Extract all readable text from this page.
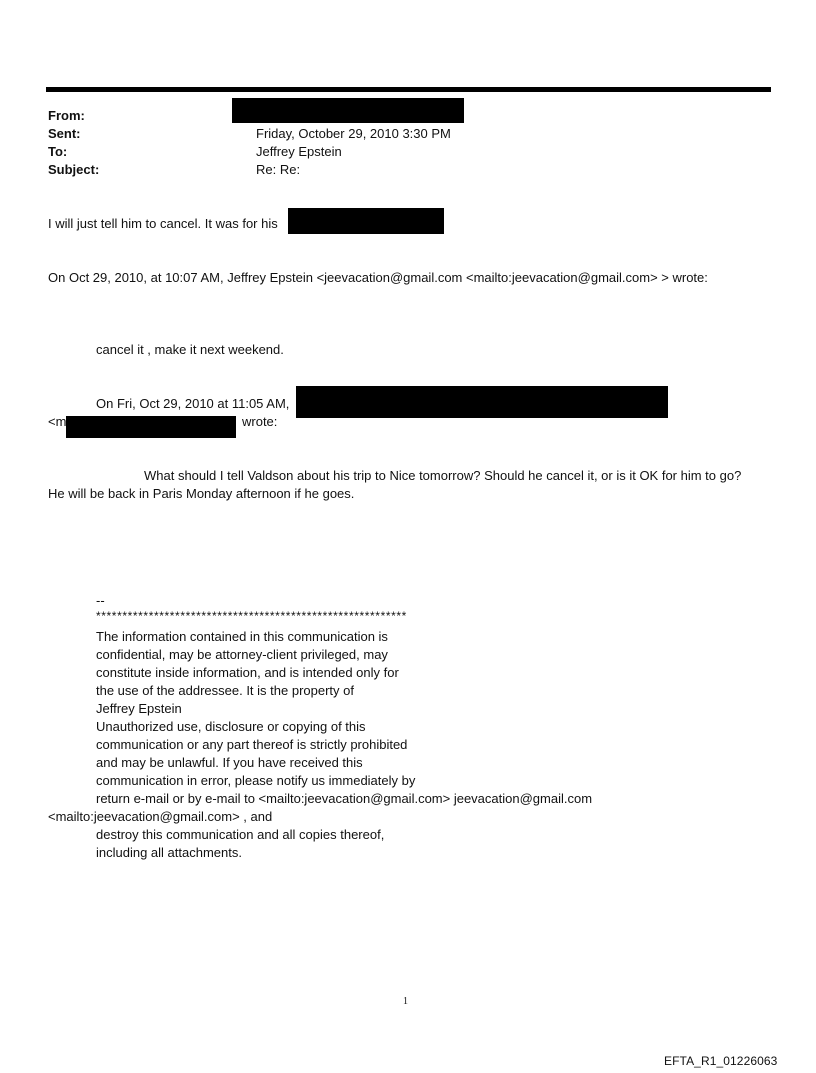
From:
Sent:	Friday, October 29, 2010 3:30 PM
To:	Jeffrey Epstein
Subject:	Re: Re:
I will just tell him to cancel. It was for his
On Oct 29, 2010, at 10:07 AM, Jeffrey Epstein <jeevacation@gmail.com <mailto:jeevacation@gmail.com> > wrote:
cancel it , make it next weekend.
On Fri, Oct 29, 2010 at 11:05 AM,
<m	wrote:
What should I tell Valdson about his trip to Nice tomorrow? Should he cancel it, or is it OK for him to go?
He will be back in Paris Monday afternoon if he goes.
--
***********************************************************
The information contained in this communication is
confidential, may be attorney-client privileged, may
constitute inside information, and is intended only for
the use of the addressee. It is the property of
Jeffrey Epstein
Unauthorized use, disclosure or copying of this
communication or any part thereof is strictly prohibited
and may be unlawful. If you have received this
communication in error, please notify us immediately by
return e-mail or by e-mail to <mailto:jeevacation@gmail.com> jeevacation@gmail.com
<mailto:jeevacation@gmail.com> , and
destroy this communication and all copies thereof,
including all attachments.
1
EFTA_R1_01226063
